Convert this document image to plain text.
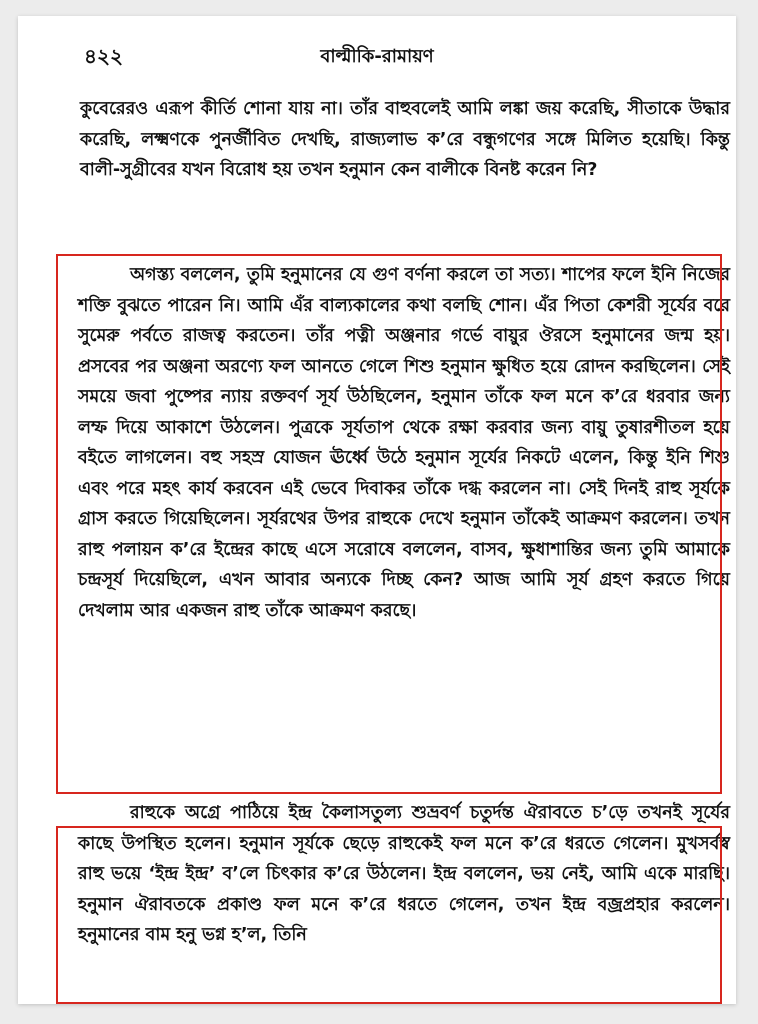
৪২২	বাল্মীকি-রামায়ণ

কুবেরেরও এরূপ কীর্তি শোনা যায় না। তাঁর বাহুবলেই আমি লঙ্কা জয় করেছি, সীতাকে উদ্ধার করেছি, লক্ষ্মণকে পুনর্জীবিত দেখছি, রাজ্যলাভ ক’রে বন্ধুগণের সঙ্গে মিলিত হয়েছি। কিন্তু বালী-সুগ্রীবের যখন বিরোধ হয় তখন হনুমান কেন বালীকে বিনষ্ট করেন নি?

অগস্ত্য বললেন, তুমি হনুমানের যে গুণ বর্ণনা করলে তা সত্য। শাপের ফলে ইনি নিজের শক্তি বুঝতে পারেন নি। আমি এঁর বাল্যকালের কথা বলছি শোন। এঁর পিতা কেশরী সূর্যের বরে সুমেরু পর্বতে রাজত্ব করতেন। তাঁর পত্নী অঞ্জনার গর্ভে বায়ুর ঔরসে হনুমানের জন্ম হয়। প্রসবের পর অঞ্জনা অরণ্যে ফল আনতে গেলে শিশু হনুমান ক্ষুধিত হয়ে রোদন করছিলেন। সেই সময়ে জবা পুষ্পের ন্যায় রক্তবর্ণ সূর্য উঠছিলেন, হনুমান তাঁকে ফল মনে ক’রে ধরবার জন্য লম্ফ দিয়ে আকাশে উঠলেন। পুত্রকে সূর্যতাপ থেকে রক্ষা করবার জন্য বায়ু তুষারশীতল হয়ে বইতে লাগলেন। বহু সহস্র যোজন ঊর্ধ্বে উঠে হনুমান সূর্যের নিকটে এলেন, কিন্তু ইনি শিশু এবং পরে মহৎ কার্য করবেন এই ভেবে দিবাকর তাঁকে দগ্ধ করলেন না। সেই দিনই রাহু সূর্যকে গ্রাস করতে গিয়েছিলেন। সূর্যরথের উপর রাহুকে দেখে হনুমান তাঁকেই আক্রমণ করলেন। তখন রাহু পলায়ন ক’রে ইন্দ্রের কাছে এসে সরোষে বললেন, বাসব, ক্ষুধাশান্তির জন্য তুমি আমাকে চন্দ্রসূর্য দিয়েছিলে, এখন আবার অন্যকে দিচ্ছ কেন? আজ আমি সূর্য গ্রহণ করতে গিয়ে দেখলাম আর একজন রাহু তাঁকে আক্রমণ করছে।

রাহুকে অগ্রে পাঠিয়ে ইন্দ্র কৈলাসতুল্য শুভ্রবর্ণ চতুর্দন্ত ঐরাবতে চ’ড়ে তখনই সূর্যের কাছে উপস্থিত হলেন। হনুমান সূর্যকে ছেড়ে রাহুকেই ফল মনে ক’রে ধরতে গেলেন। মুখসর্বস্ব রাহু ভয়ে ‘ইন্দ্র ইন্দ্র’ ব’লে চিৎকার ক’রে উঠলেন। ইন্দ্র বললেন, ভয় নেই, আমি একে মারছি। হনুমান ঐরাবতকে প্রকাণ্ড ফল মনে ক’রে ধরতে গেলেন, তখন ইন্দ্র বজ্রপ্রহার করলেন। হনুমানের বাম হনু ভগ্ন হ’ল, তিনি
